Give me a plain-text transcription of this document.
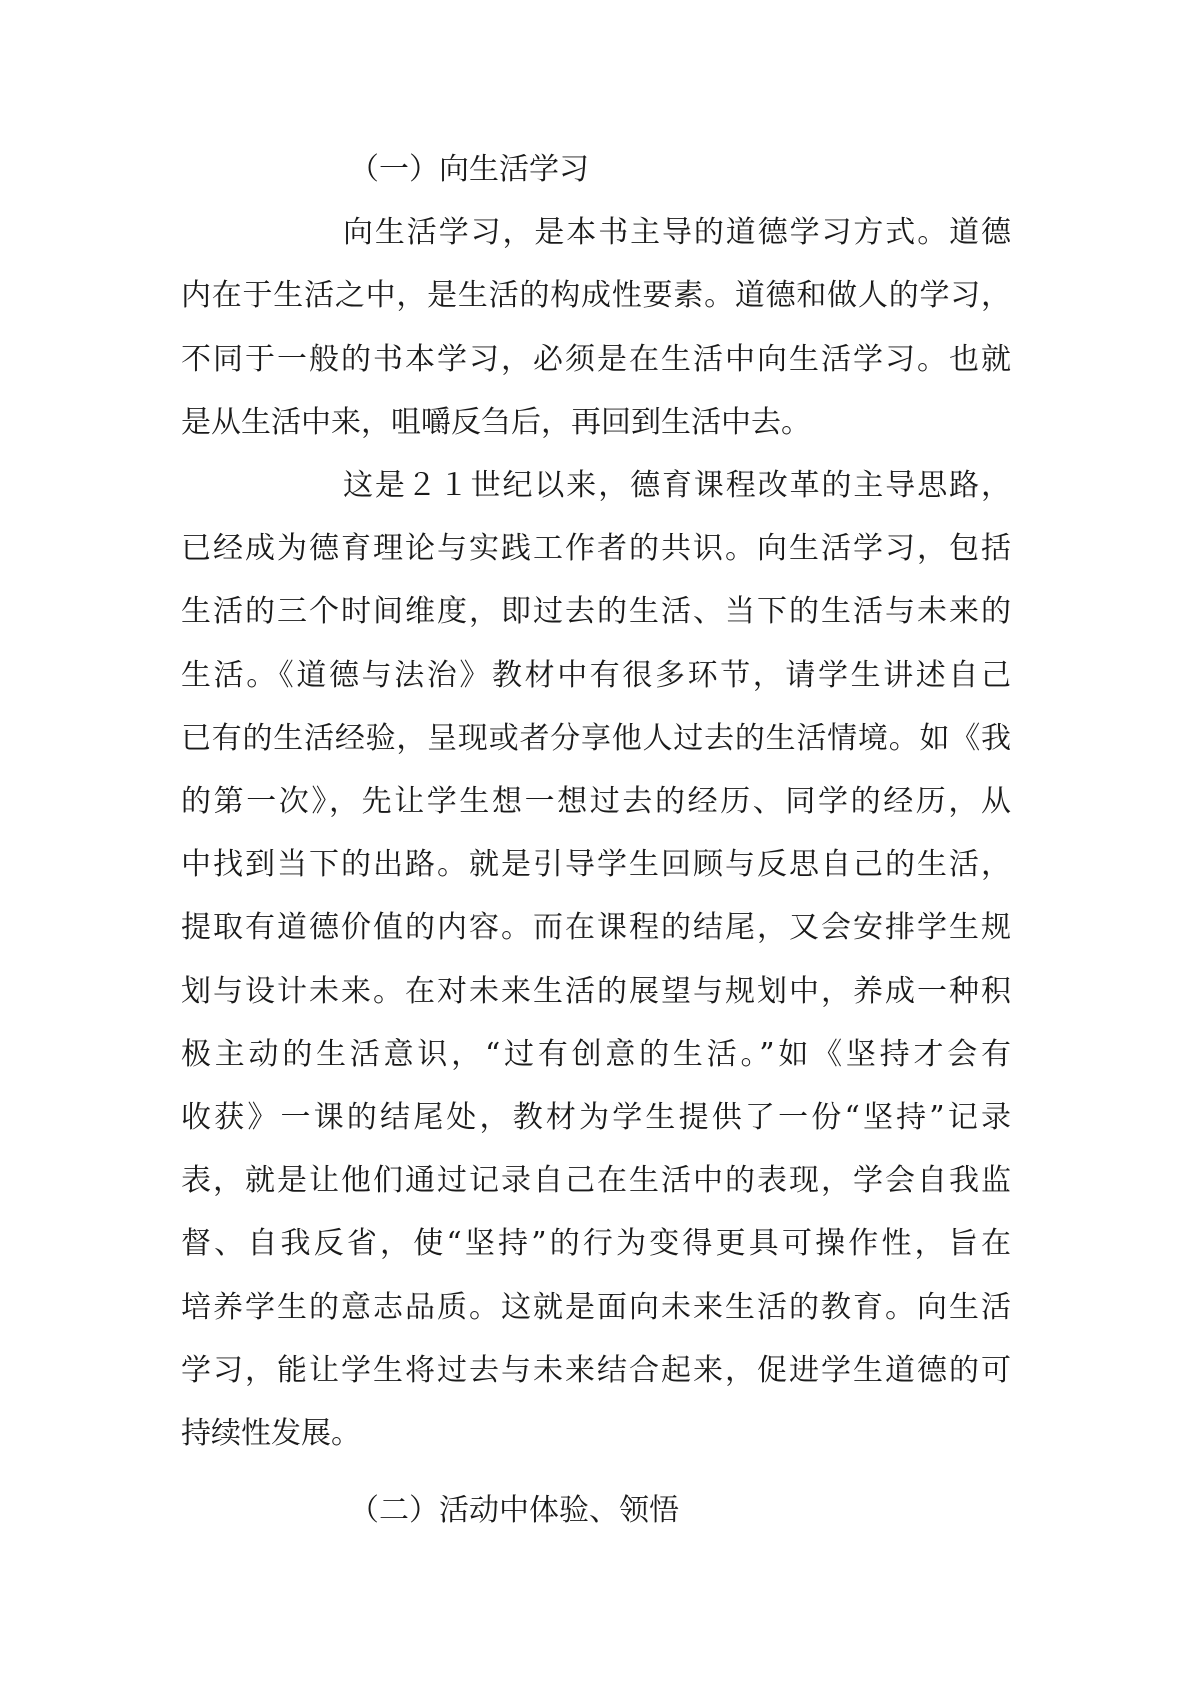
（一）向生活学习
向生活学习，是本书主导的道德学习方式。道德
内在于生活之中，是生活的构成性要素。道德和做人的学习，
不同于一般的书本学习，必须是在生活中向生活学习。也就
是从生活中来，咀嚼反刍后，再回到生活中去。
这是２１世纪以来，德育课程改革的主导思路，
已经成为德育理论与实践工作者的共识。向生活学习，包括
生活的三个时间维度，即过去的生活、当下的生活与未来的
生活。《道德与法治》教材中有很多环节，请学生讲述自己
已有的生活经验，呈现或者分享他人过去的生活情境。如《我
的第一次》，先让学生想一想过去的经历、同学的经历，从
中找到当下的出路。就是引导学生回顾与反思自己的生活，
提取有道德价值的内容。而在课程的结尾，又会安排学生规
划与设计未来。在对未来生活的展望与规划中，养成一种积
极主动的生活意识，“过有创意的生活。”如《坚持才会有
收获》一课的结尾处，教材为学生提供了一份“坚持”记录
表，就是让他们通过记录自己在生活中的表现，学会自我监
督、自我反省，使“坚持”的行为变得更具可操作性，旨在
培养学生的意志品质。这就是面向未来生活的教育。向生活
学习，能让学生将过去与未来结合起来，促进学生道德的可
持续性发展。
（二）活动中体验、领悟
